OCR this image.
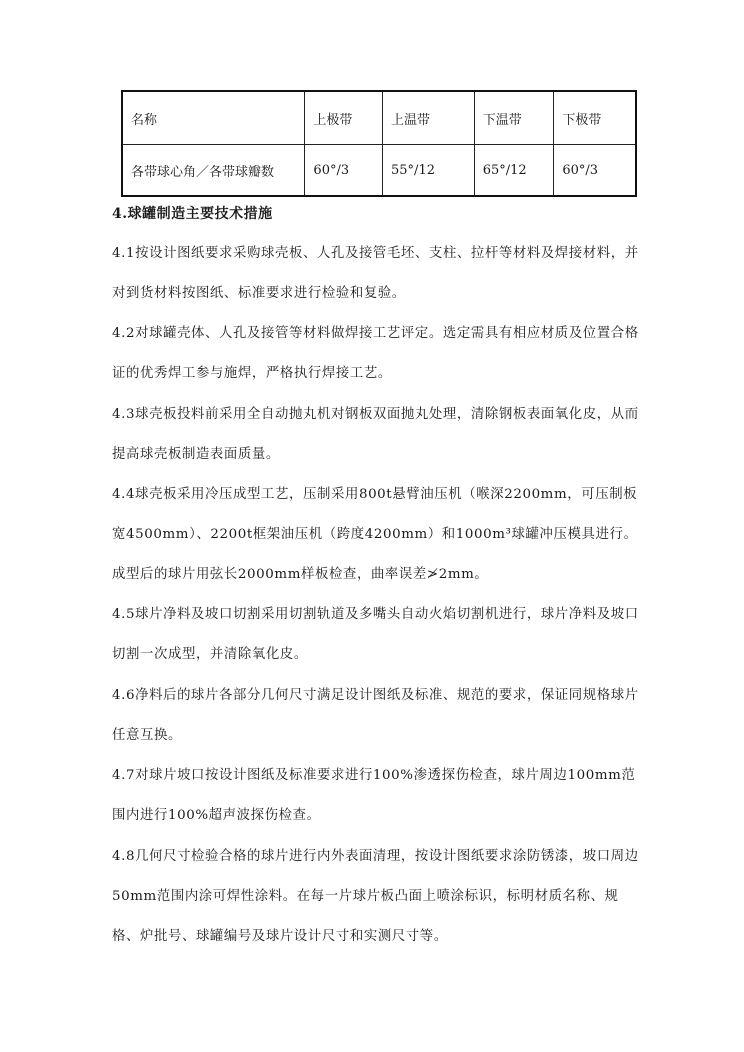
名称	上极带	上温带	下温带	下极带
各带球心角／各带球瓣数	60°/3	55°/12	65°/12	60°/3
4.球罐制造主要技术措施

4.1按设计图纸要求采购球壳板、人孔及接管毛坯、支柱、拉杆等材料及焊接材料，并对到货材料按图纸、标准要求进行检验和复验。

4.2对球罐壳体、人孔及接管等材料做焊接工艺评定。选定需具有相应材质及位置合格证的优秀焊工参与施焊，严格执行焊接工艺。

4.3球壳板投料前采用全自动抛丸机对钢板双面抛丸处理，清除钢板表面氧化皮，从而提高球壳板制造表面质量。

4.4球壳板采用冷压成型工艺，压制采用800t悬臂油压机（喉深2200mm，可压制板宽4500mm）、2200t框架油压机（跨度4200mm）和1000m³球罐冲压模具进行。成型后的球片用弦长2000mm样板检查，曲率误差≯2mm。

4.5球片净料及坡口切割采用切割轨道及多嘴头自动火焰切割机进行，球片净料及坡口切割一次成型，并清除氧化皮。

4.6净料后的球片各部分几何尺寸满足设计图纸及标准、规范的要求，保证同规格球片任意互换。

4.7对球片坡口按设计图纸及标准要求进行100%渗透探伤检查，球片周边100mm范围内进行100%超声波探伤检查。

4.8几何尺寸检验合格的球片进行内外表面清理，按设计图纸要求涂防锈漆，坡口周边50mm范围内涂可焊性涂料。在每一片球片板凸面上喷涂标识，标明材质名称、规格、炉批号、球罐编号及球片设计尺寸和实测尺寸等。
